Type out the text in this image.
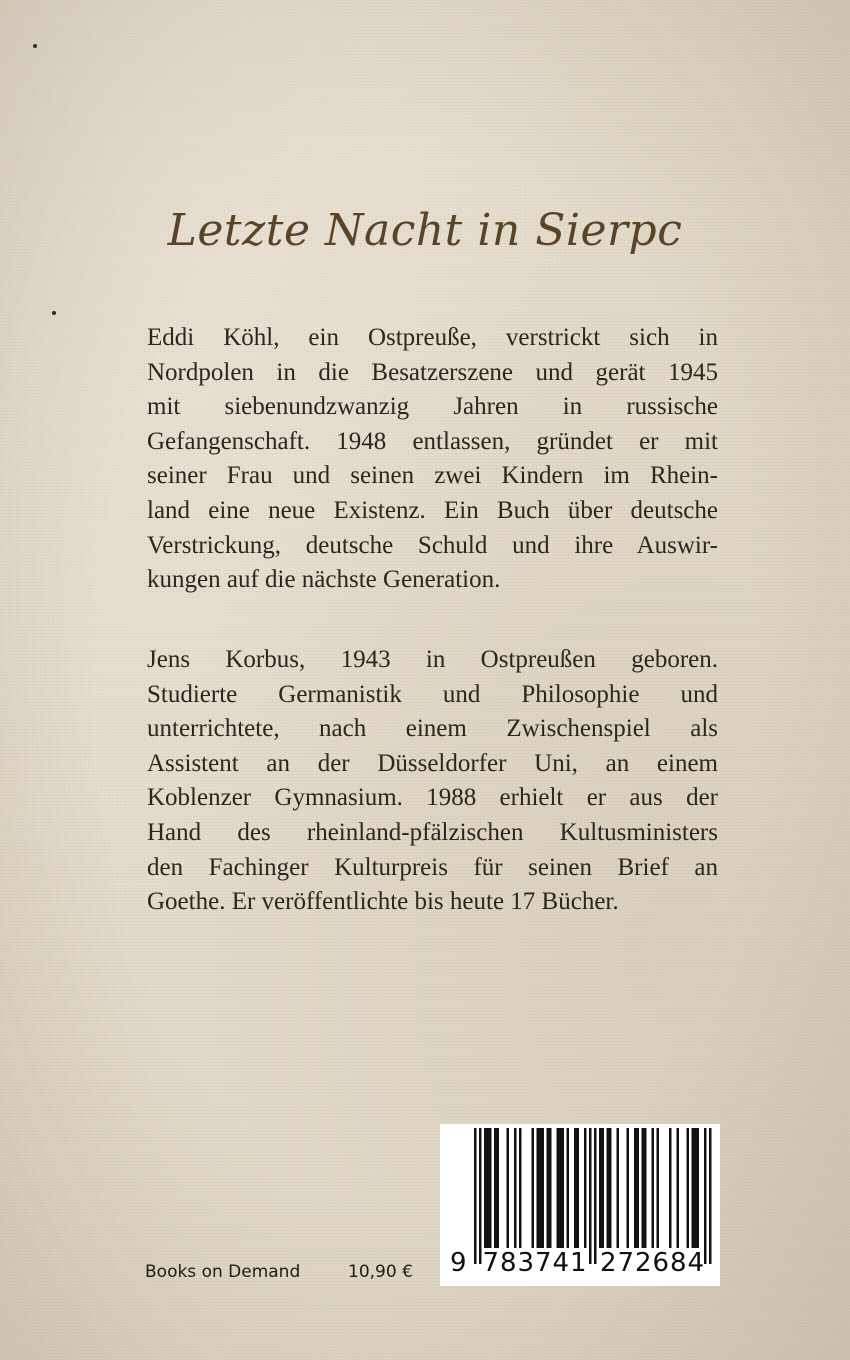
Letzte Nacht in Sierpc

Eddi Köhl, ein Ostpreuße, verstrickt sich in
Nordpolen in die Besatzerszene und gerät 1945
mit siebenundzwanzig Jahren in russische
Gefangenschaft. 1948 entlassen, gründet er mit
seiner Frau und seinen zwei Kindern im Rhein-
land eine neue Existenz. Ein Buch über deutsche
Verstrickung, deutsche Schuld und ihre Auswir-
kungen auf die nächste Generation.

Jens Korbus, 1943 in Ostpreußen geboren.
Studierte Germanistik und Philosophie und
unterrichtete, nach einem Zwischenspiel als
Assistent an der Düsseldorfer Uni, an einem
Koblenzer Gymnasium. 1988 erhielt er aus der
Hand des rheinland-pfälzischen Kultusministers
den Fachinger Kulturpreis für seinen Brief an
Goethe. Er veröffentlichte bis heute 17 Bücher.

Books on Demand	10,90 € 9 7 8 3 7 4 1 2 7 2 6 8 4
